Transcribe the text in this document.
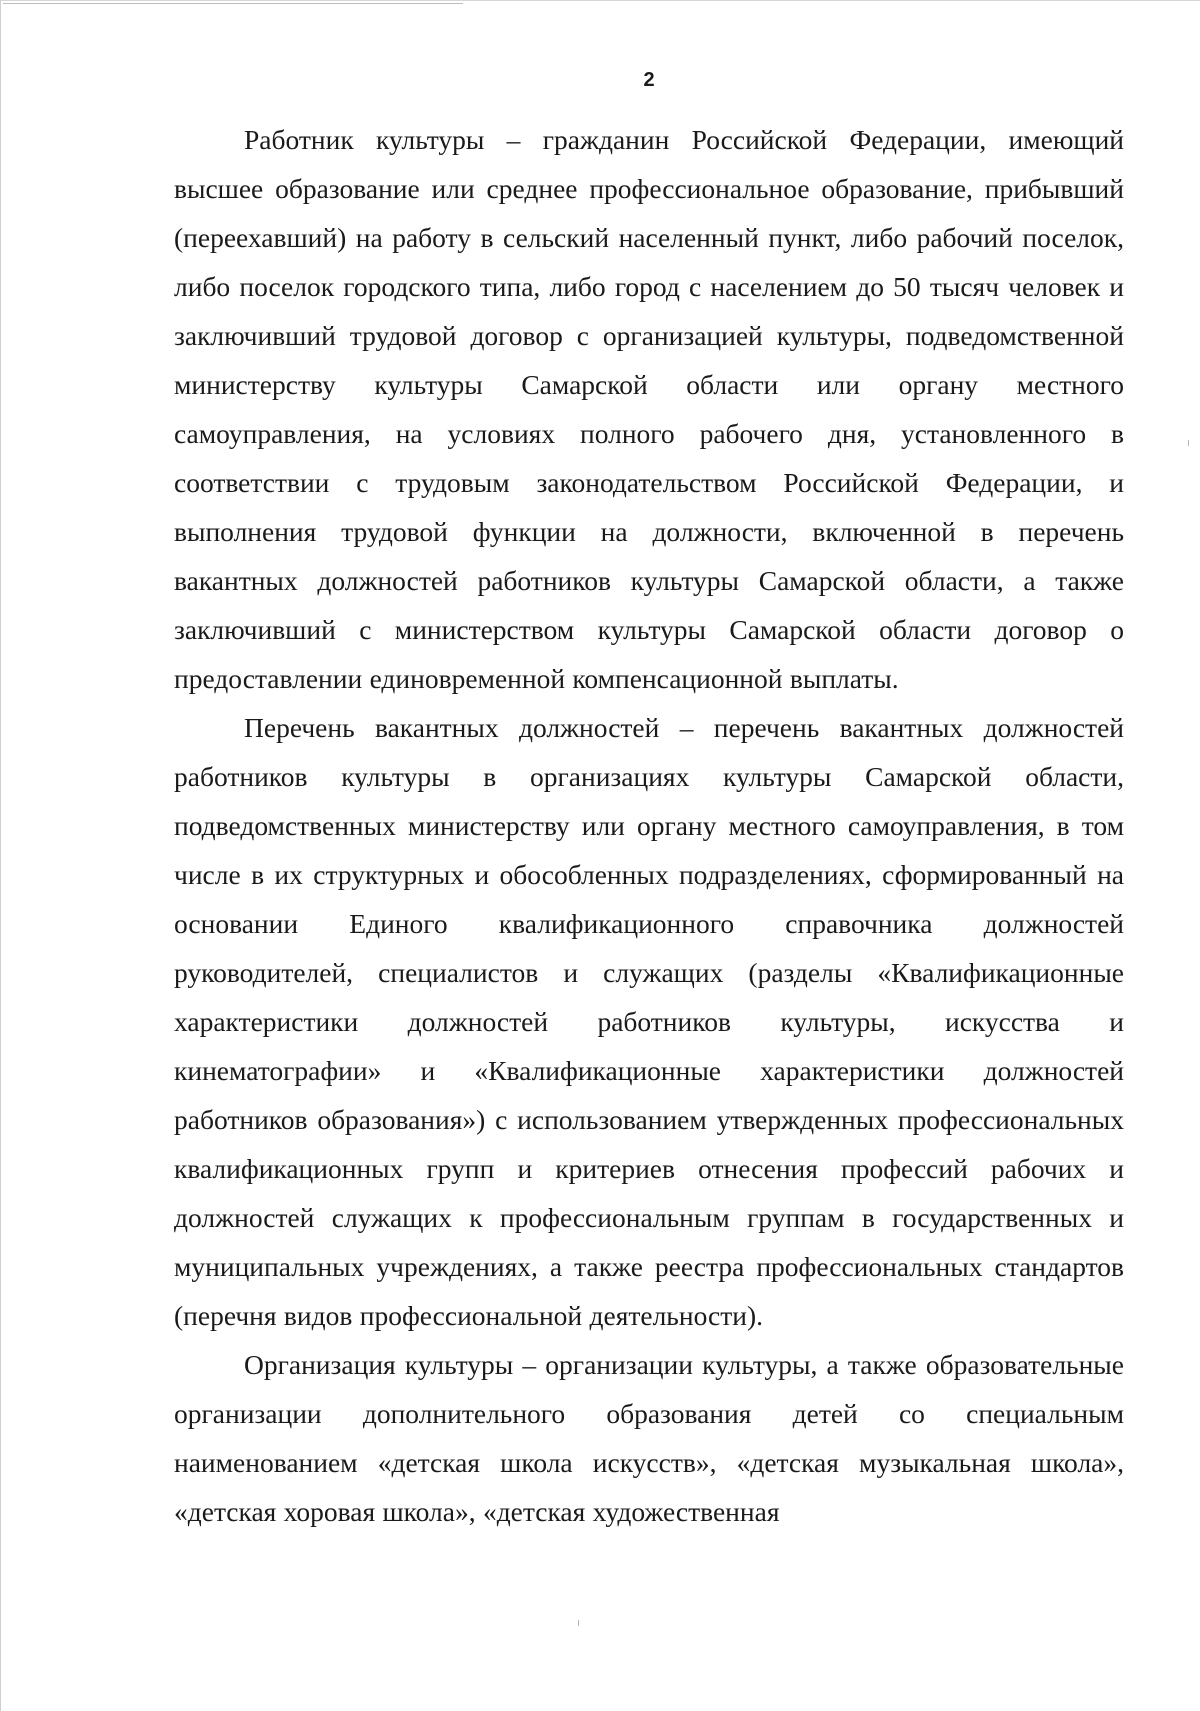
2

Работник культуры – гражданин Российской Федерации, имеющий высшее образование или среднее профессиональное образование, прибывший (переехавший) на работу в сельский населенный пункт, либо рабочий поселок, либо поселок городского типа, либо город с населением до 50 тысяч человек и заключивший трудовой договор с организацией культуры, подведомственной министерству культуры Самарской области или органу местного самоуправления, на условиях полного рабочего дня, установленного в соответствии с трудовым законодательством Российской Федерации, и выполнения трудовой функции на должности, включенной в перечень вакантных должностей работников культуры Самарской области, а также заключивший с министерством культуры Самарской области договор о предоставлении единовременной компенсационной выплаты.

Перечень вакантных должностей – перечень вакантных должностей работников культуры в организациях культуры Самарской области, подведомственных министерству или органу местного самоуправления, в том числе в их структурных и обособленных подразделениях, сформированный на основании Единого квалификационного справочника должностей руководителей, специалистов и служащих (разделы «Квалификационные характеристики должностей работников культуры, искусства и кинематографии» и «Квалификационные характеристики должностей работников образования») с использованием утвержденных профессиональных квалификационных групп и критериев отнесения профессий рабочих и должностей служащих к профессиональным группам в государственных и муниципальных учреждениях, а также реестра профессиональных стандартов (перечня видов профессиональной деятельности).

Организация культуры – организации культуры, а также образовательные организации дополнительного образования детей со специальным наименованием «детская школа искусств», «детская музыкальная школа», «детская хоровая школа», «детская художественная
